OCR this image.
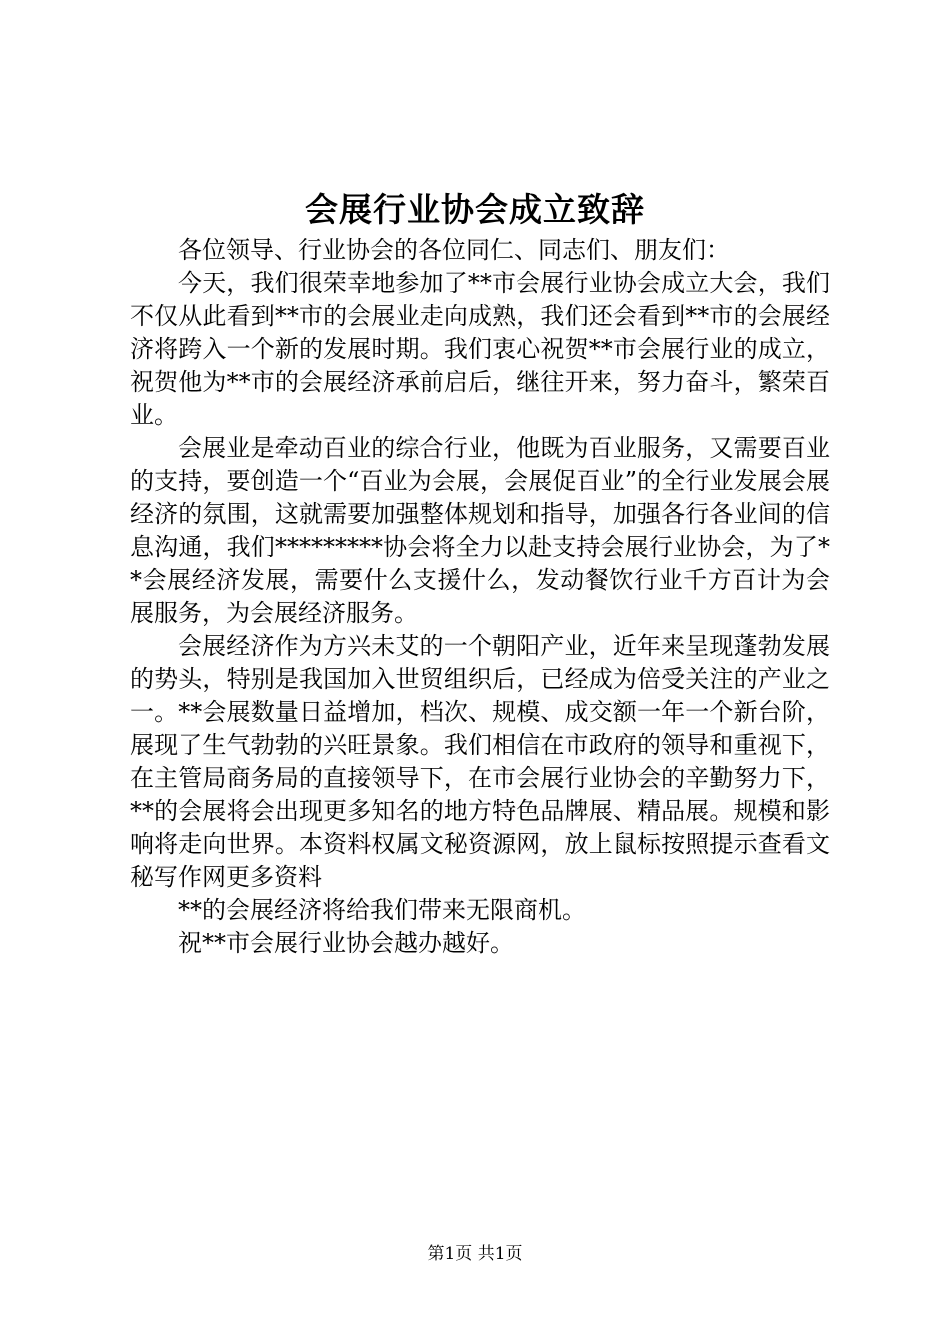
会展行业协会成立致辞

各位领导、行业协会的各位同仁、同志们、朋友们：

今天，我们很荣幸地参加了**市会展行业协会成立大会，我们不仅从此看到**市的会展业走向成熟，我们还会看到**市的会展经济将跨入一个新的发展时期。我们衷心祝贺**市会展行业的成立，祝贺他为**市的会展经济承前启后，继往开来，努力奋斗，繁荣百业。

会展业是牵动百业的综合行业，他既为百业服务，又需要百业的支持，要创造一个“百业为会展，会展促百业”的全行业发展会展经济的氛围，这就需要加强整体规划和指导，加强各行各业间的信息沟通，我们*********协会将全力以赴支持会展行业协会，为了**会展经济发展，需要什么支援什么，发动餐饮行业千方百计为会展服务，为会展经济服务。

会展经济作为方兴未艾的一个朝阳产业，近年来呈现蓬勃发展的势头，特别是我国加入世贸组织后，已经成为倍受关注的产业之一。**会展数量日益增加，档次、规模、成交额一年一个新台阶，展现了生气勃勃的兴旺景象。我们相信在市政府的领导和重视下，在主管局商务局的直接领导下，在市会展行业协会的辛勤努力下，**的会展将会出现更多知名的地方特色品牌展、精品展。规模和影响将走向世界。本资料权属文秘资源网，放上鼠标按照提示查看文秘写作网更多资料

**的会展经济将给我们带来无限商机。

祝**市会展行业协会越办越好。

第1页 共1页
